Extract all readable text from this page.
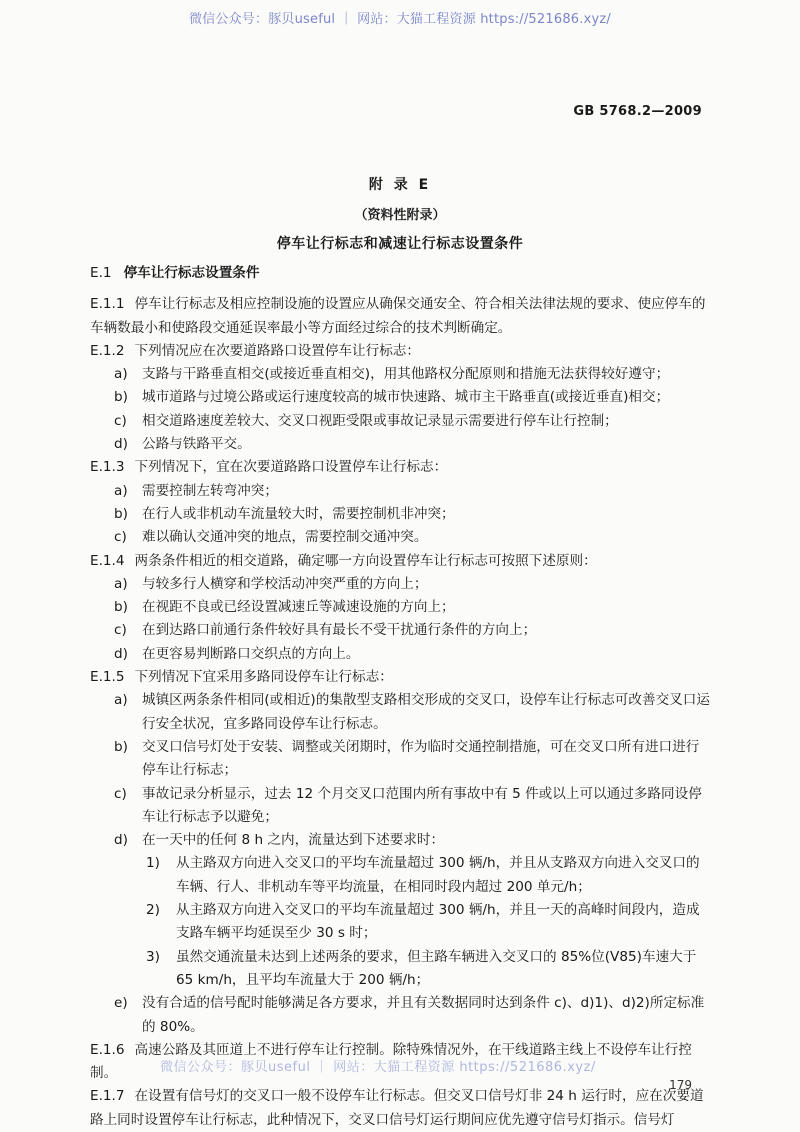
微信公众号：豚贝useful ｜ 网站：大猫工程资源 https://521686.xyz/
GB 5768.2—2009
附 录 E
（资料性附录）
停车让行标志和减速让行标志设置条件
E.1 停车让行标志设置条件
E.1.1 停车让行标志及相应控制设施的设置应从确保交通安全、符合相关法律法规的要求、使应停车的车辆数最小和使路段交通延误率最小等方面经过综合的技术判断确定。
E.1.2 下列情况应在次要道路路口设置停车让行标志：
a) 支路与干路垂直相交(或接近垂直相交)，用其他路权分配原则和措施无法获得较好遵守；
b) 城市道路与过境公路或运行速度较高的城市快速路、城市主干路垂直(或接近垂直)相交；
c) 相交道路速度差较大、交叉口视距受限或事故记录显示需要进行停车让行控制；
d) 公路与铁路平交。
E.1.3 下列情况下，宜在次要道路路口设置停车让行标志：
a) 需要控制左转弯冲突；
b) 在行人或非机动车流量较大时，需要控制机非冲突；
c) 难以确认交通冲突的地点，需要控制交通冲突。
E.1.4 两条条件相近的相交道路，确定哪一方向设置停车让行标志可按照下述原则：
a) 与较多行人横穿和学校活动冲突严重的方向上；
b) 在视距不良或已经设置减速丘等减速设施的方向上；
c) 在到达路口前通行条件较好具有最长不受干扰通行条件的方向上；
d) 在更容易判断路口交织点的方向上。
E.1.5 下列情况下宜采用多路同设停车让行标志：
a) 城镇区两条条件相同(或相近)的集散型支路相交形成的交叉口，设停车让行标志可改善交叉口运行安全状况，宜多路同设停车让行标志。
b) 交叉口信号灯处于安装、调整或关闭期时，作为临时交通控制措施，可在交叉口所有进口进行停车让行标志；
c) 事故记录分析显示，过去 12 个月交叉口范围内所有事故中有 5 件或以上可以通过多路同设停车让行标志予以避免；
d) 在一天中的任何 8 h 之内，流量达到下述要求时：
1) 从主路双方向进入交叉口的平均车流量超过 300 辆/h，并且从支路双方向进入交叉口的车辆、行人、非机动车等平均流量，在相同时段内超过 200 单元/h；
2) 从主路双方向进入交叉口的平均车流量超过 300 辆/h，并且一天的高峰时间段内，造成支路车辆平均延误至少 30 s 时；
3) 虽然交通流量未达到上述两条的要求，但主路车辆进入交叉口的 85%位(V85)车速大于 65 km/h，且平均车流量大于 200 辆/h；
e) 没有合适的信号配时能够满足各方要求，并且有关数据同时达到条件 c)、d)1)、d)2)所定标准的 80%。
E.1.6 高速公路及其匝道上不进行停车让行控制。除特殊情况外，在干线道路主线上不设停车让行控制。
E.1.7 在设置有信号灯的交叉口一般不设停车让行标志。但交叉口信号灯非 24 h 运行时，应在次要道路上同时设置停车让行标志，此种情况下，交叉口信号灯运行期间应优先遵守信号灯指示。信号灯
微信公众号：豚贝useful ｜ 网站：大猫工程资源 https://521686.xyz/
179
